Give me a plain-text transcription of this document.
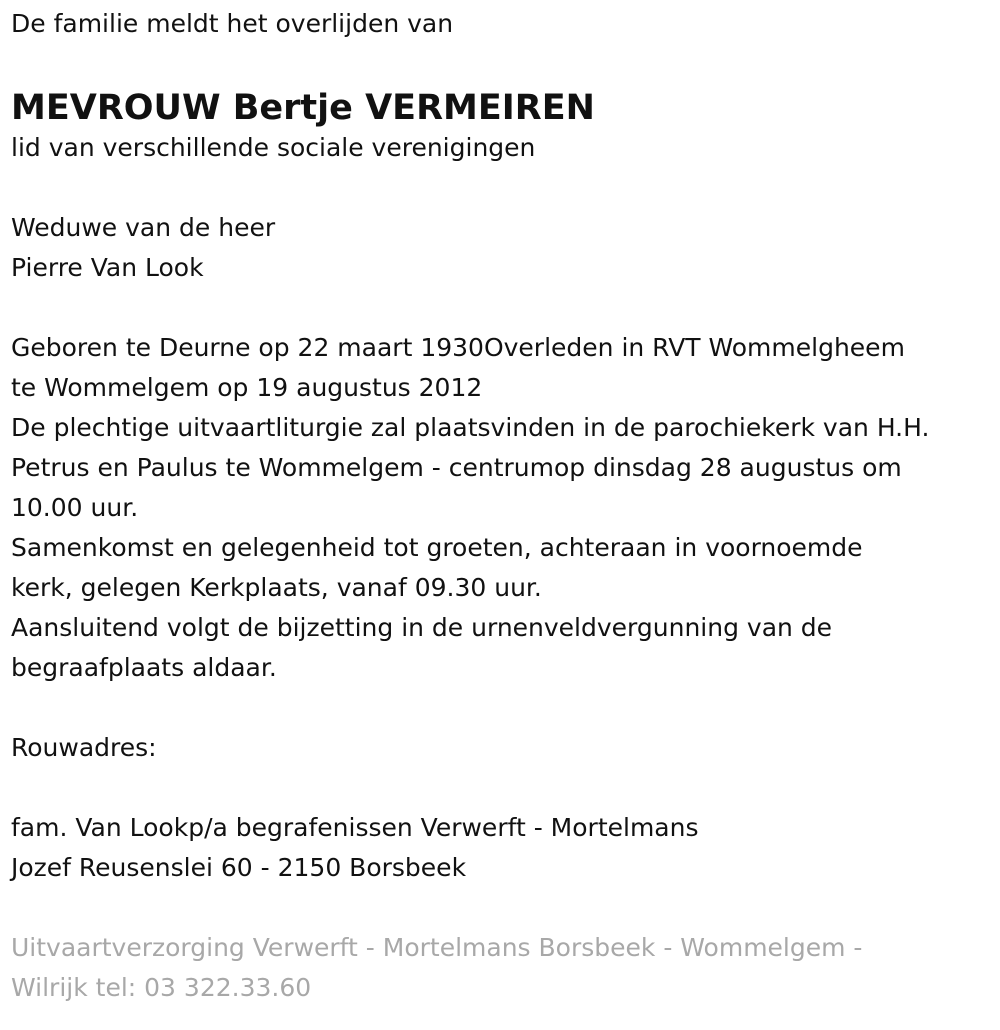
De familie meldt het overlijden van
MEVROUW Bertje VERMEIREN
lid van verschillende sociale verenigingen
Weduwe van de heer
Pierre Van Look
Geboren te Deurne op 22 maart 1930Overleden in RVT Wommelgheem
te Wommelgem op 19 augustus 2012
De plechtige uitvaartliturgie zal plaatsvinden in de parochiekerk van H.H.
Petrus en Paulus te Wommelgem - centrumop dinsdag 28 augustus om
10.00 uur.
Samenkomst en gelegenheid tot groeten, achteraan in voornoemde
kerk, gelegen Kerkplaats, vanaf 09.30 uur.
Aansluitend volgt de bijzetting in de urnenveldvergunning van de
begraafplaats aldaar.
Rouwadres:
fam. Van Lookp/a begrafenissen Verwerft - Mortelmans
Jozef Reusenslei 60 - 2150 Borsbeek
Uitvaartverzorging Verwerft - Mortelmans Borsbeek - Wommelgem -
Wilrijk tel: 03 322.33.60
